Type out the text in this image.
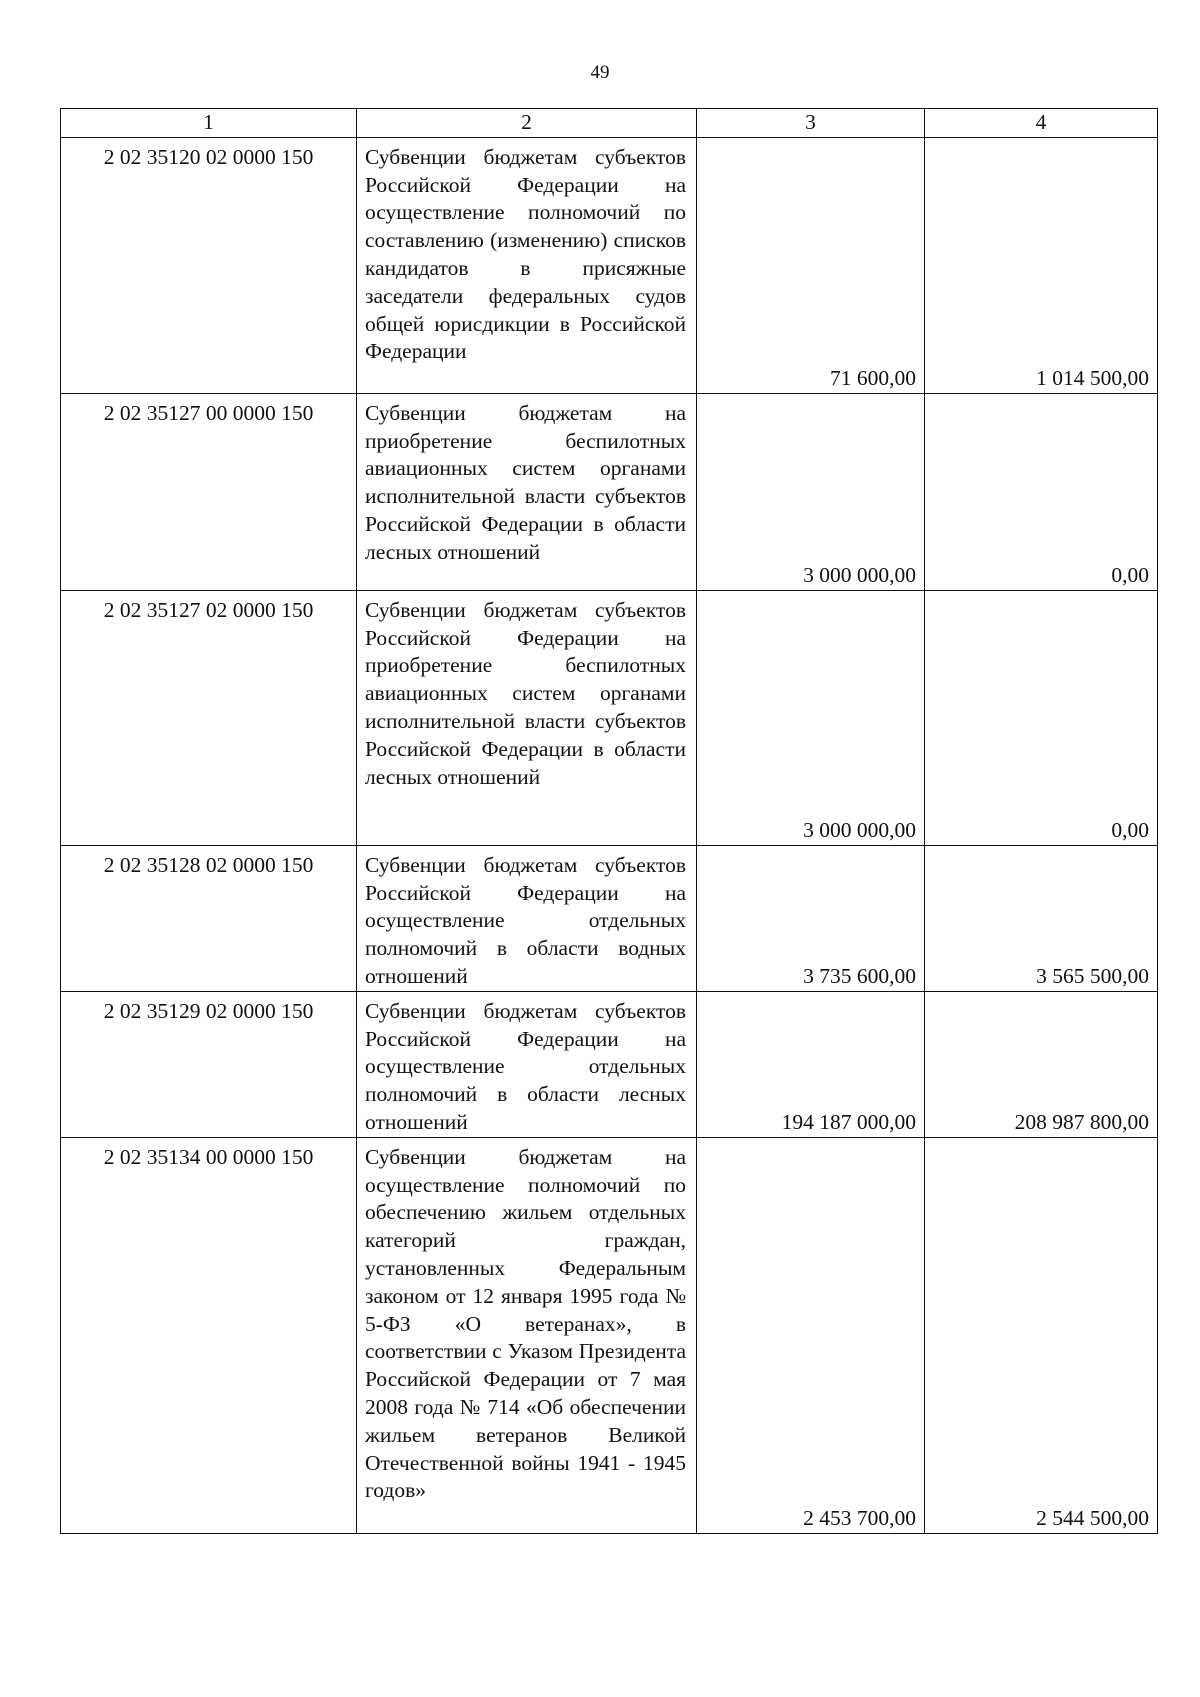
49
1	2	3	4
2 02 35120 02 0000 150	Субвенции бюджетам субъектов Российской Федерации на осуществление полномочий по составлению (изменению) списков кандидатов в присяжные заседатели федеральных судов общей юрисдикции в Российской Федерации	71 600,00	1 014 500,00
2 02 35127 00 0000 150	Субвенции бюджетам на приобретение беспилотных авиационных систем органами исполнительной власти субъектов Российской Федерации в области лесных отношений	3 000 000,00	0,00
2 02 35127 02 0000 150	Субвенции бюджетам субъектов Российской Федерации на приобретение беспилотных авиационных систем органами исполнительной власти субъектов Российской Федерации в области лесных отношений	3 000 000,00	0,00
2 02 35128 02 0000 150	Субвенции бюджетам субъектов Российской Федерации на осуществление отдельных полномочий в области водных отношений	3 735 600,00	3 565 500,00
2 02 35129 02 0000 150	Субвенции бюджетам субъектов Российской Федерации на осуществление отдельных полномочий в области лесных отношений	194 187 000,00	208 987 800,00
2 02 35134 00 0000 150	Субвенции бюджетам на осуществление полномочий по обеспечению жильем отдельных категорий граждан, установленных Федеральным законом от 12 января 1995 года № 5-ФЗ «О ветеранах», в соответствии с Указом Президента Российской Федерации от 7 мая 2008 года № 714 «Об обеспечении жильем ветеранов Великой Отечественной войны 1941 - 1945 годов»	2 453 700,00	2 544 500,00
